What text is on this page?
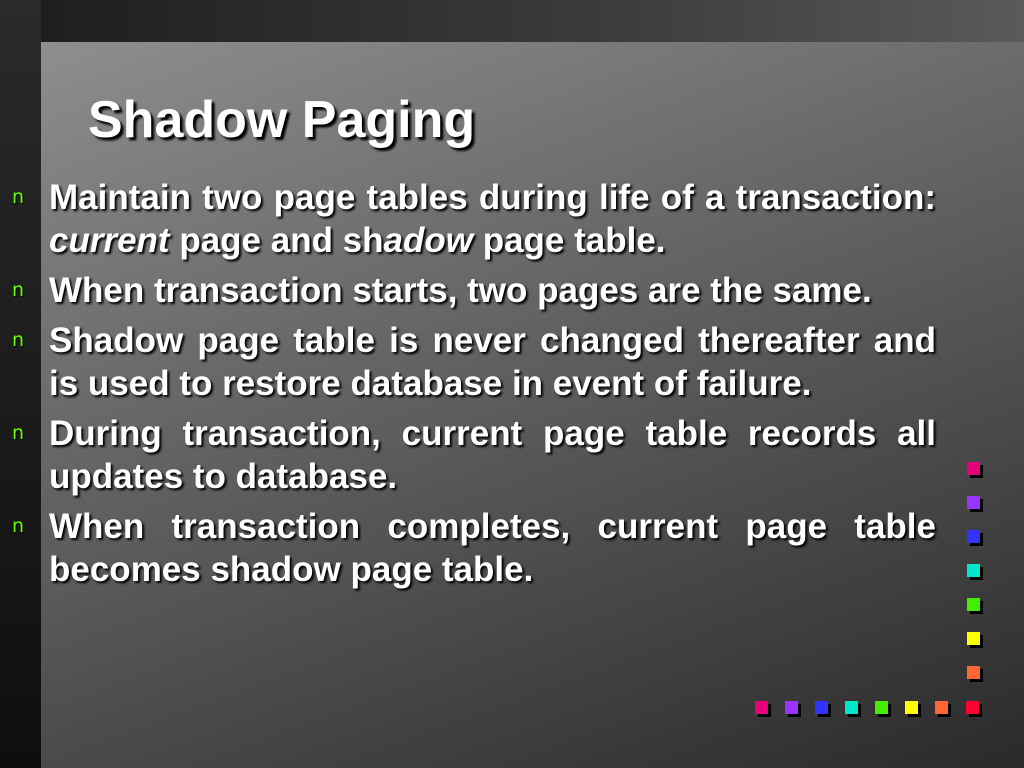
Shadow Paging
n Maintain two page tables during life of a transaction: current page and shadow page table.
n When transaction starts, two pages are the same.
n Shadow page table is never changed thereafter and is used to restore database in event of failure.
n During transaction, current page table records all updates to database.
n When transaction completes, current page table becomes shadow page table.
